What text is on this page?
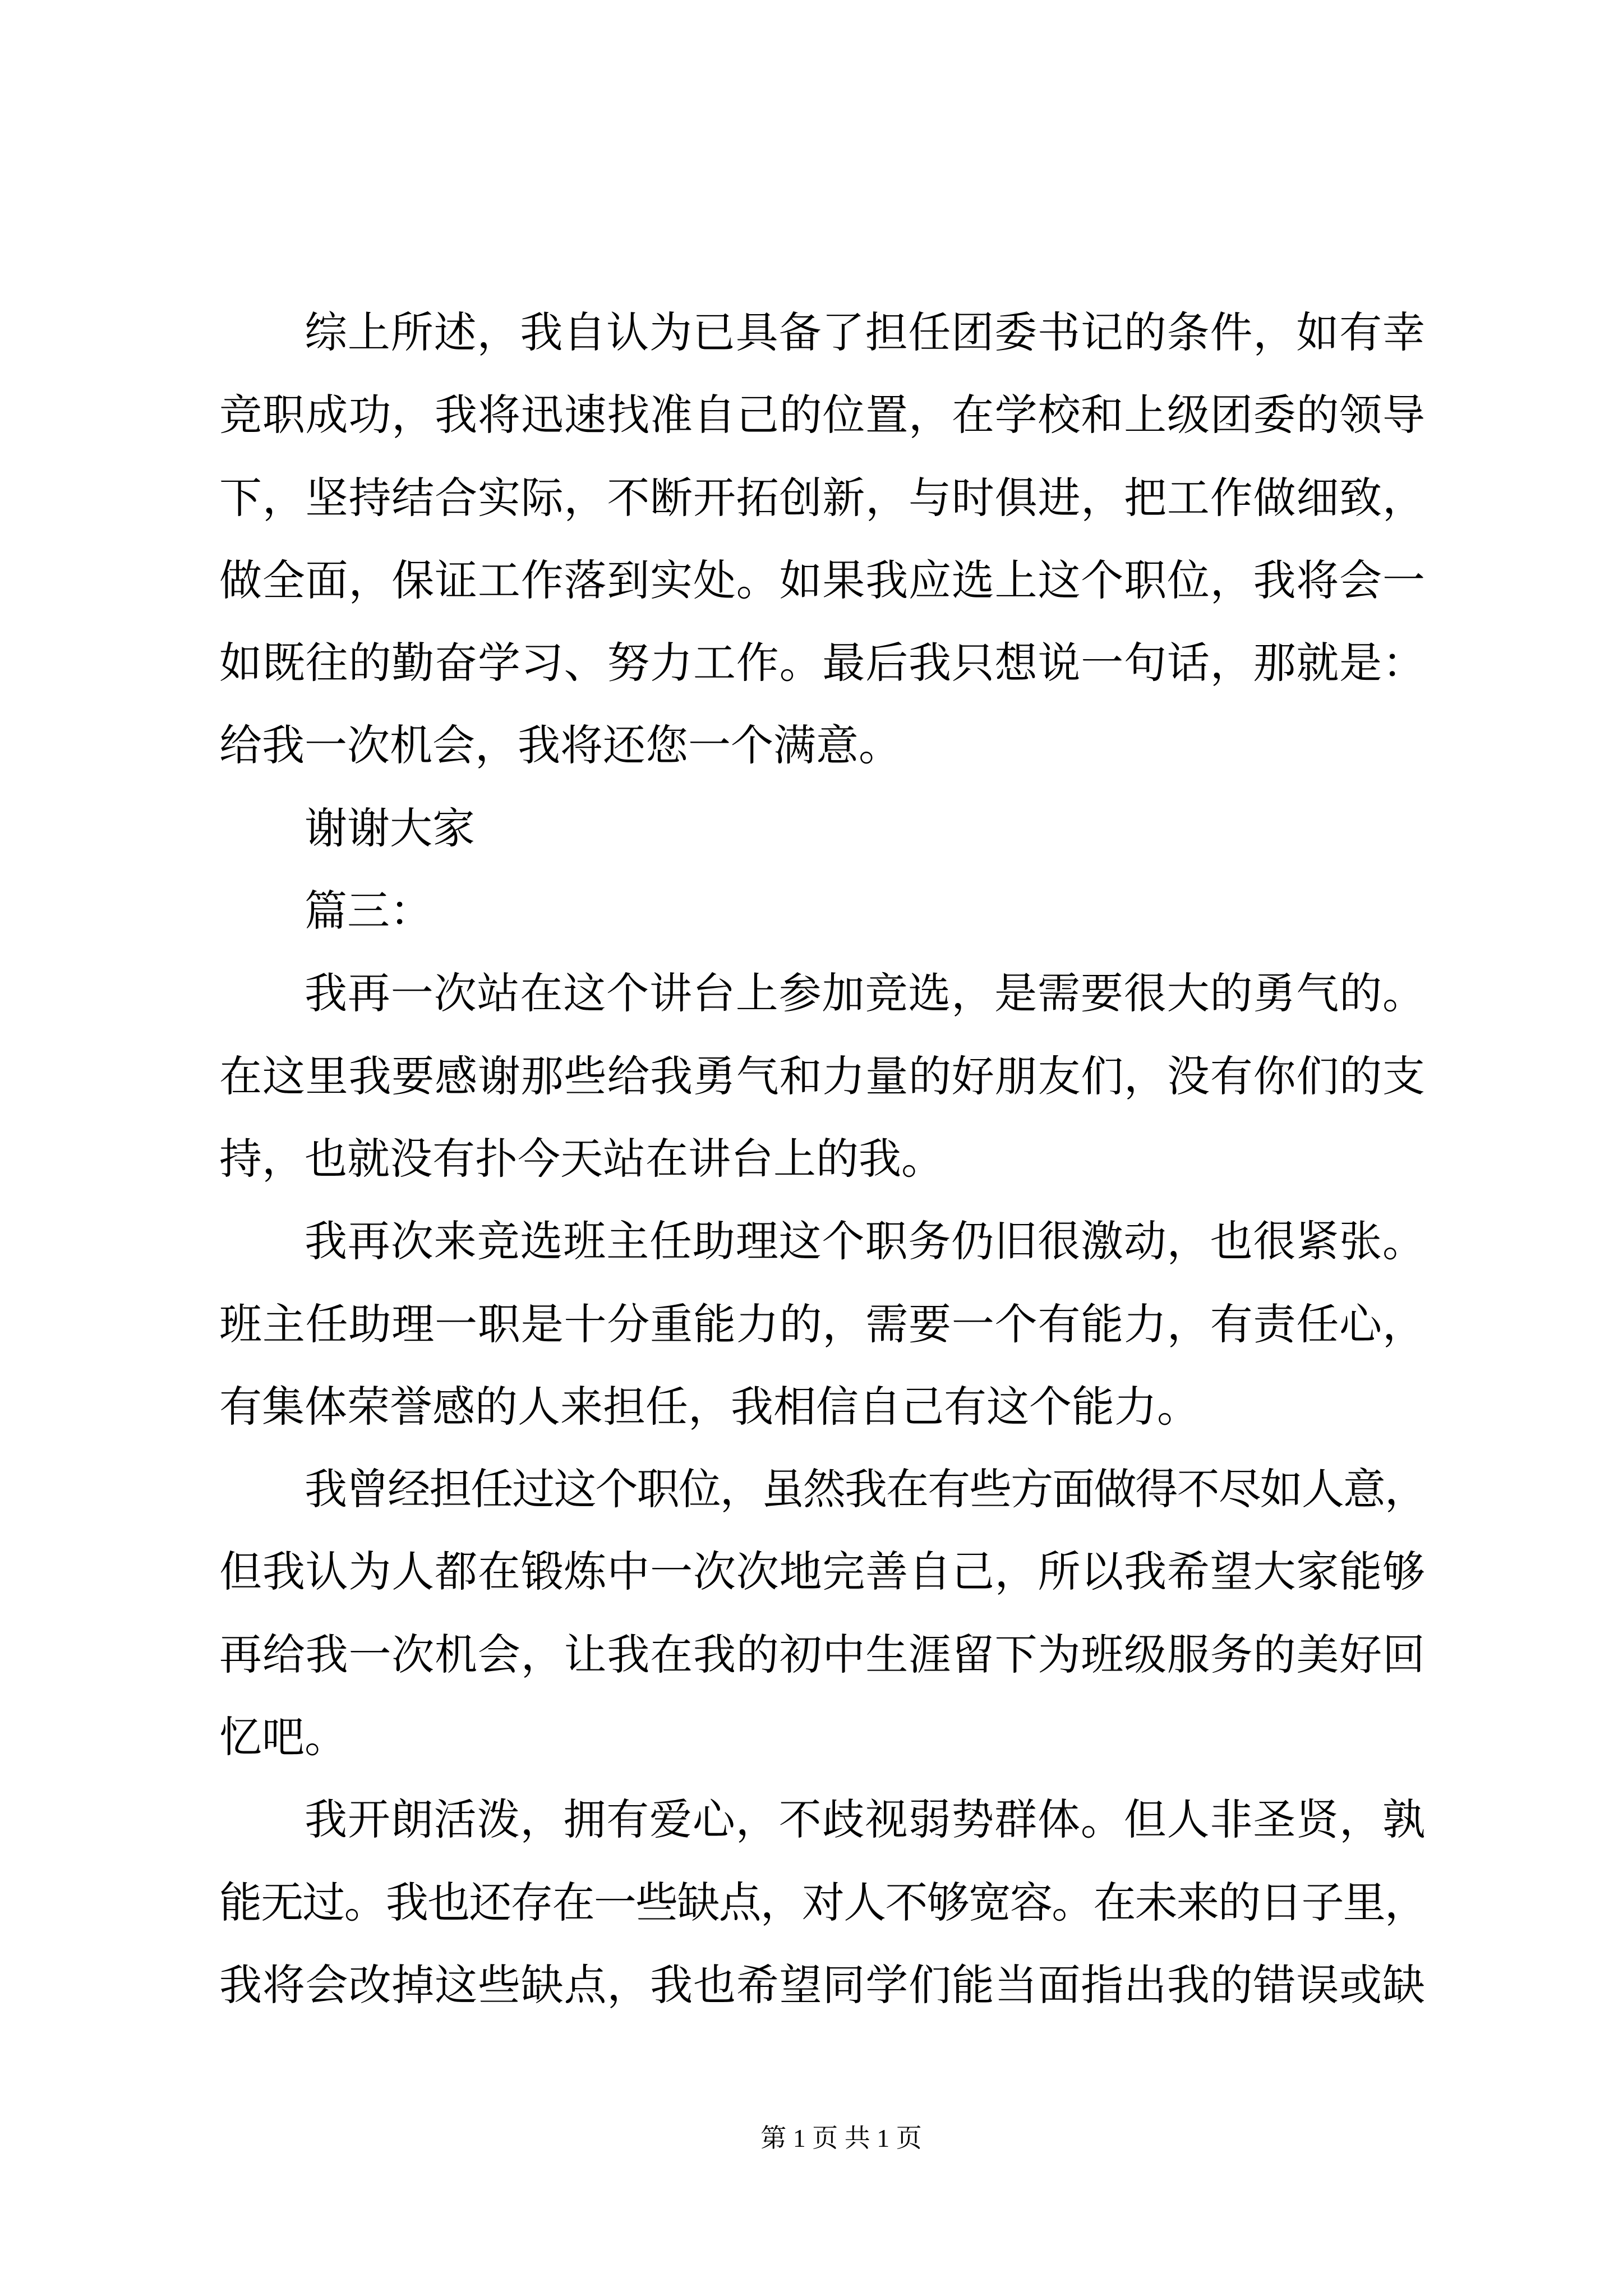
综上所述，我自认为已具备了担任团委书记的条件，如有幸
竞职成功，我将迅速找准自己的位置，在学校和上级团委的领导
下，坚持结合实际，不断开拓创新，与时俱进，把工作做细致，
做全面，保证工作落到实处。如果我应选上这个职位，我将会一
如既往的勤奋学习、努力工作。最后我只想说一句话，那就是：
给我一次机会，我将还您一个满意。
谢谢大家
篇三：
我再一次站在这个讲台上参加竞选，是需要很大的勇气的。
在这里我要感谢那些给我勇气和力量的好朋友们，没有你们的支
持，也就没有扑今天站在讲台上的我。
我再次来竞选班主任助理这个职务仍旧很激动，也很紧张。
班主任助理一职是十分重能力的，需要一个有能力，有责任心，
有集体荣誉感的人来担任，我相信自己有这个能力。
我曾经担任过这个职位，虽然我在有些方面做得不尽如人意，
但我认为人都在锻炼中一次次地完善自己，所以我希望大家能够
再给我一次机会，让我在我的初中生涯留下为班级服务的美好回
忆吧。
我开朗活泼，拥有爱心，不歧视弱势群体。但人非圣贤，孰
能无过。我也还存在一些缺点，对人不够宽容。在未来的日子里，
我将会改掉这些缺点，我也希望同学们能当面指出我的错误或缺
第 1 页 共 1 页
